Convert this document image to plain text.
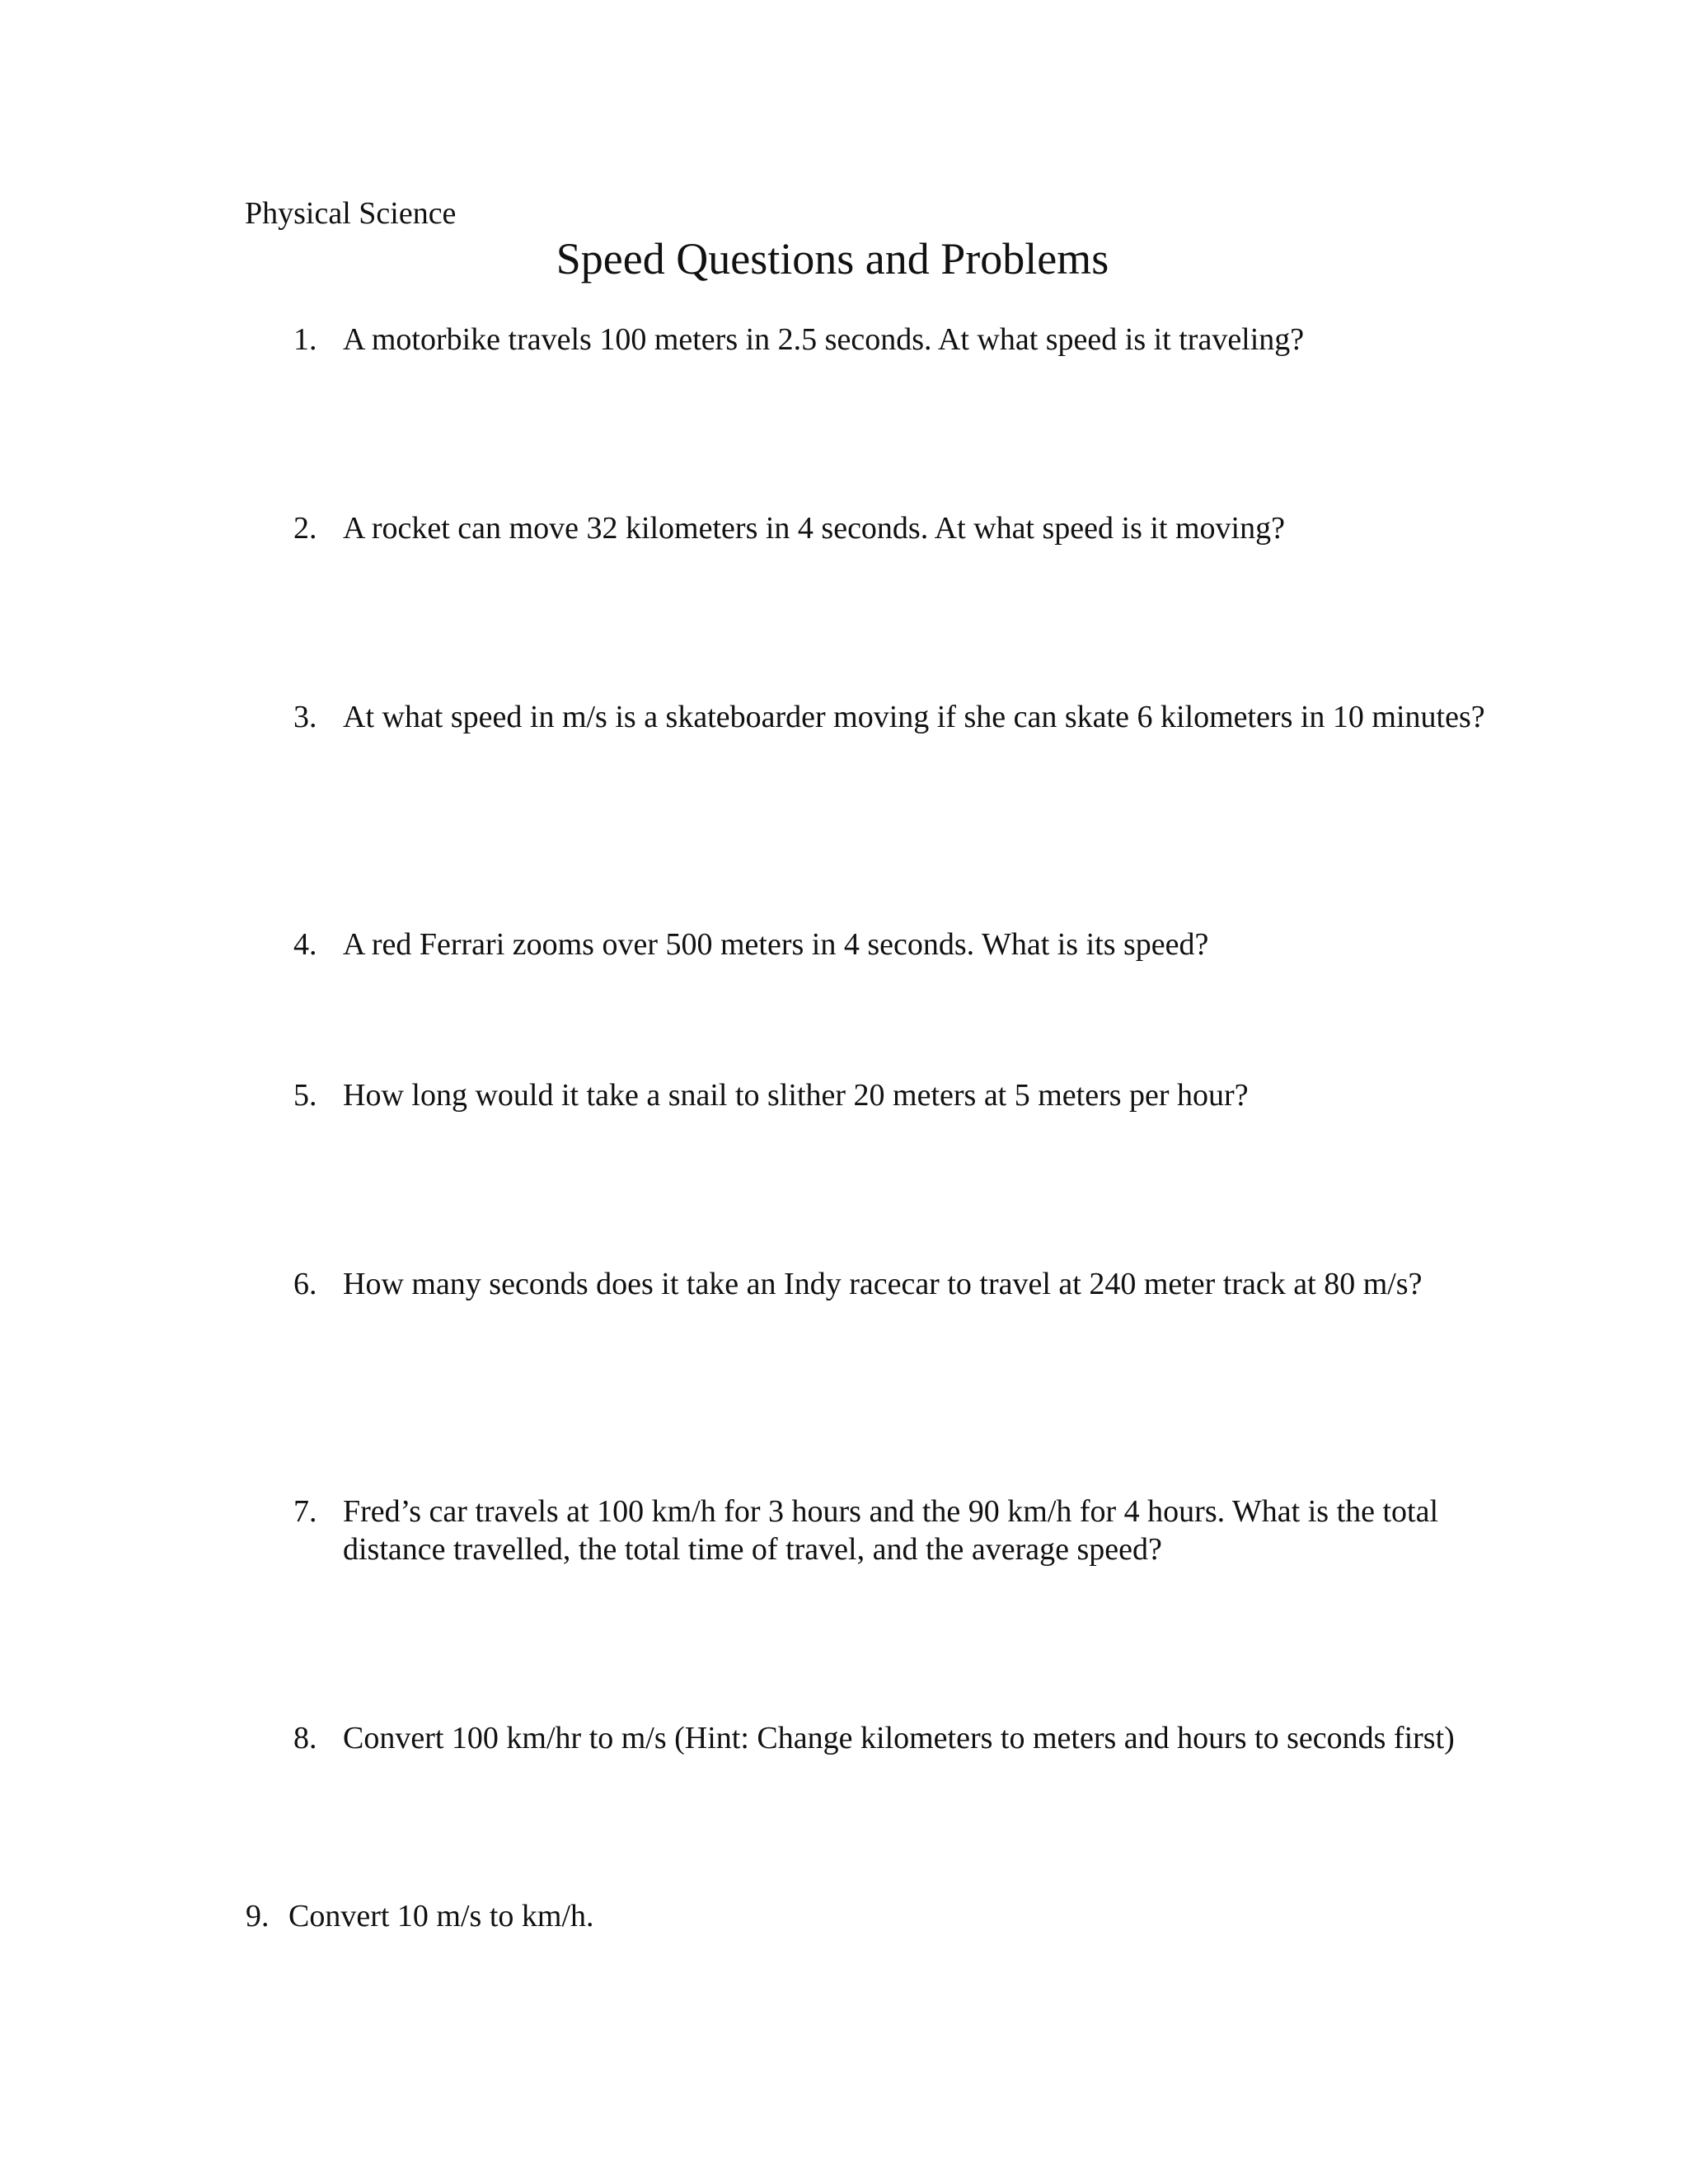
Physical Science
Speed Questions and Problems
1. A motorbike travels 100 meters in 2.5 seconds. At what speed is it traveling?
2. A rocket can move 32 kilometers in 4 seconds. At what speed is it moving?
3. At what speed in m/s is a skateboarder moving if she can skate 6 kilometers in 10 minutes?
4. A red Ferrari zooms over 500 meters in 4 seconds. What is its speed?
5. How long would it take a snail to slither 20 meters at 5 meters per hour?
6. How many seconds does it take an Indy racecar to travel at 240 meter track at 80 m/s?
7. Fred’s car travels at 100 km/h for 3 hours and the 90 km/h for 4 hours. What is the total distance travelled, the total time of travel, and the average speed?
8. Convert 100 km/hr to m/s (Hint: Change kilometers to meters and hours to seconds first)
9. Convert 10 m/s to km/h.
